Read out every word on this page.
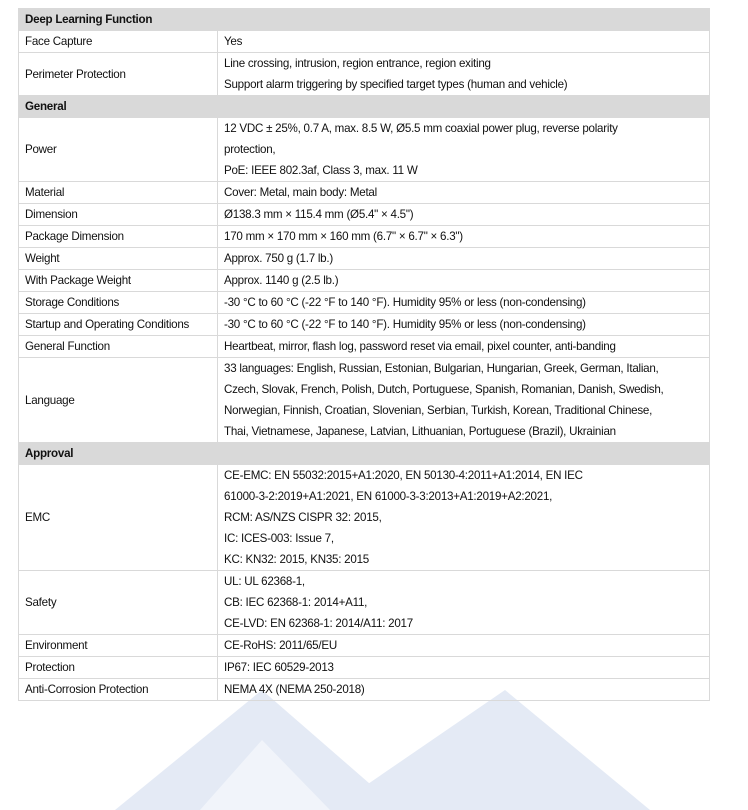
Deep Learning Function	
Face Capture	Yes

Perimeter Protection	Line crossing, intrusion, region entrance, region exiting
Support alarm triggering by specified target types (human and vehicle)

General	
Power	12 VDC ± 25%, 0.7 A, max. 8.5 W, Ø5.5 mm coaxial power plug, reverse polarity
protection,
PoE: IEEE 802.3af, Class 3, max. 11 W

Material	Cover: Metal, main body: Metal

Dimension	Ø138.3 mm × 115.4 mm (Ø5.4" × 4.5")

Package Dimension	170 mm × 170 mm × 160 mm (6.7" × 6.7" × 6.3")

Weight	Approx. 750 g (1.7 lb.)

With Package Weight	Approx. 1140 g (2.5 lb.)

Storage Conditions	-30 °C to 60 °C (-22 °F to 140 °F). Humidity 95% or less (non-condensing)

Startup and Operating Conditions	-30 °C to 60 °C (-22 °F to 140 °F). Humidity 95% or less (non-condensing)

General Function	Heartbeat, mirror, flash log, password reset via email, pixel counter, anti-banding

Language	33 languages: English, Russian, Estonian, Bulgarian, Hungarian, Greek, German, Italian,
Czech, Slovak, French, Polish, Dutch, Portuguese, Spanish, Romanian, Danish, Swedish,
Norwegian, Finnish, Croatian, Slovenian, Serbian, Turkish, Korean, Traditional Chinese,
Thai, Vietnamese, Japanese, Latvian, Lithuanian, Portuguese (Brazil), Ukrainian

Approval	
EMC	CE-EMC: EN 55032:2015+A1:2020, EN 50130-4:2011+A1:2014, EN IEC
61000-3-2:2019+A1:2021, EN 61000-3-3:2013+A1:2019+A2:2021,
RCM: AS/NZS CISPR 32: 2015,
IC: ICES-003: Issue 7,
KC: KN32: 2015, KN35: 2015

Safety	UL: UL 62368-1,
CB: IEC 62368-1: 2014+A11,
CE-LVD: EN 62368-1: 2014/A11: 2017

Environment	CE-RoHS: 2011/65/EU

Protection	IP67: IEC 60529-2013

Anti-Corrosion Protection	NEMA 4X (NEMA 250-2018)
